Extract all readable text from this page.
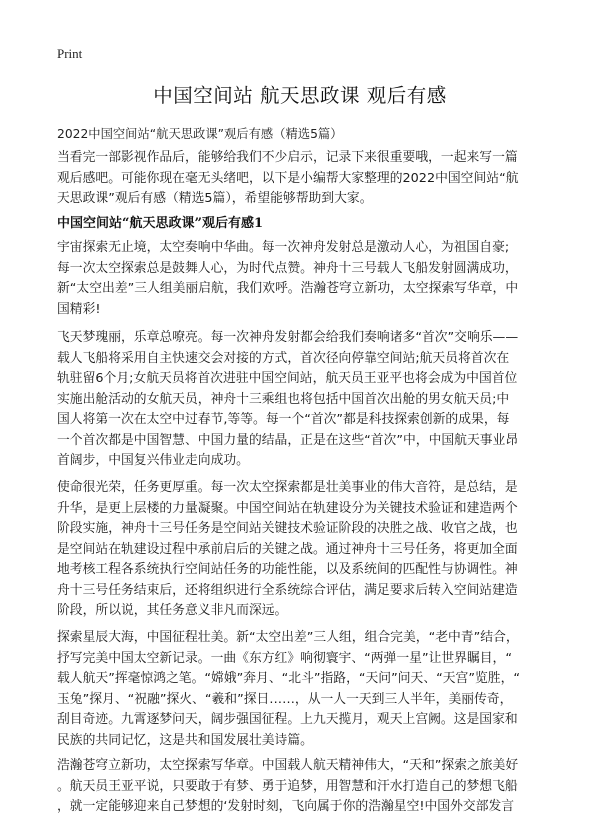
Print
中国空间站 航天思政课 观后有感
2022中国空间站“航天思政课”观后有感（精选5篇）
当看完一部影视作品后，能够给我们不少启示，记录下来很重要哦，一起来写一篇
观后感吧。可能你现在毫无头绪吧，以下是小编帮大家整理的2022中国空间站“航
天思政课”观后有感（精选5篇），希望能够帮助到大家。
中国空间站“航天思政课”观后有感1
宇宙探索无止境，太空奏响中华曲。每一次神舟发射总是激动人心，为祖国自豪;
每一次太空探索总是鼓舞人心，为时代点赞。神舟十三号载人飞船发射圆满成功，
新“太空出差”三人组美丽启航，我们欢呼。浩瀚苍穹立新功，太空探索写华章，中
国精彩!
飞天梦瑰丽，乐章总嘹亮。每一次神舟发射都会给我们奏响诸多“首次”交响乐——
载人飞船将采用自主快速交会对接的方式，首次径向停靠空间站;航天员将首次在
轨驻留6个月;女航天员将首次进驻中国空间站，航天员王亚平也将会成为中国首位
实施出舱活动的女航天员，神舟十三乘组也将包括中国首次出舱的男女航天员;中
国人将第一次在太空中过春节,等等。每一个“首次”都是科技探索创新的成果，每
一个首次都是中国智慧、中国力量的结晶，正是在这些“首次”中，中国航天事业昂
首阔步，中国复兴伟业走向成功。
使命很光荣，任务更厚重。每一次太空探索都是壮美事业的伟大音符，是总结，是
升华，是更上层楼的力量凝聚。中国空间站在轨建设分为关键技术验证和建造两个
阶段实施，神舟十三号任务是空间站关键技术验证阶段的决胜之战、收官之战，也
是空间站在轨建设过程中承前启后的关键之战。通过神舟十三号任务，将更加全面
地考核工程各系统执行空间站任务的功能性能，以及系统间的匹配性与协调性。神
舟十三号任务结束后，还将组织进行全系统综合评估，满足要求后转入空间站建造
阶段，所以说，其任务意义非凡而深远。
探索星辰大海，中国征程壮美。新“太空出差”三人组，组合完美，“老中青”结合，
抒写完美中国太空新记录。一曲《东方红》响彻寰宇、“两弹一星”让世界瞩目，“
载人航天”挥毫惊鸿之笔。“嫦娥”奔月、“北斗”指路，“天问”问天、“天宫”览胜，“
玉兔”探月、“祝融”探火、“羲和”探日……，从一人一天到三人半年，美丽传奇，
刮目奇迹。九霄逐梦问天，阔步强国征程。上九天揽月，观天上宫阙。这是国家和
民族的共同记忆，这是共和国发展壮美诗篇。
浩瀚苍穹立新功，太空探索写华章。中国载人航天精神伟大，“天和”探索之旅美好
。航天员王亚平说，只要敢于有梦、勇于追梦，用智慧和汗水打造自己的梦想飞船
，就一定能够迎来自己梦想的‘发射时刻，飞向属于你的浩瀚星空!中国外交部发言
